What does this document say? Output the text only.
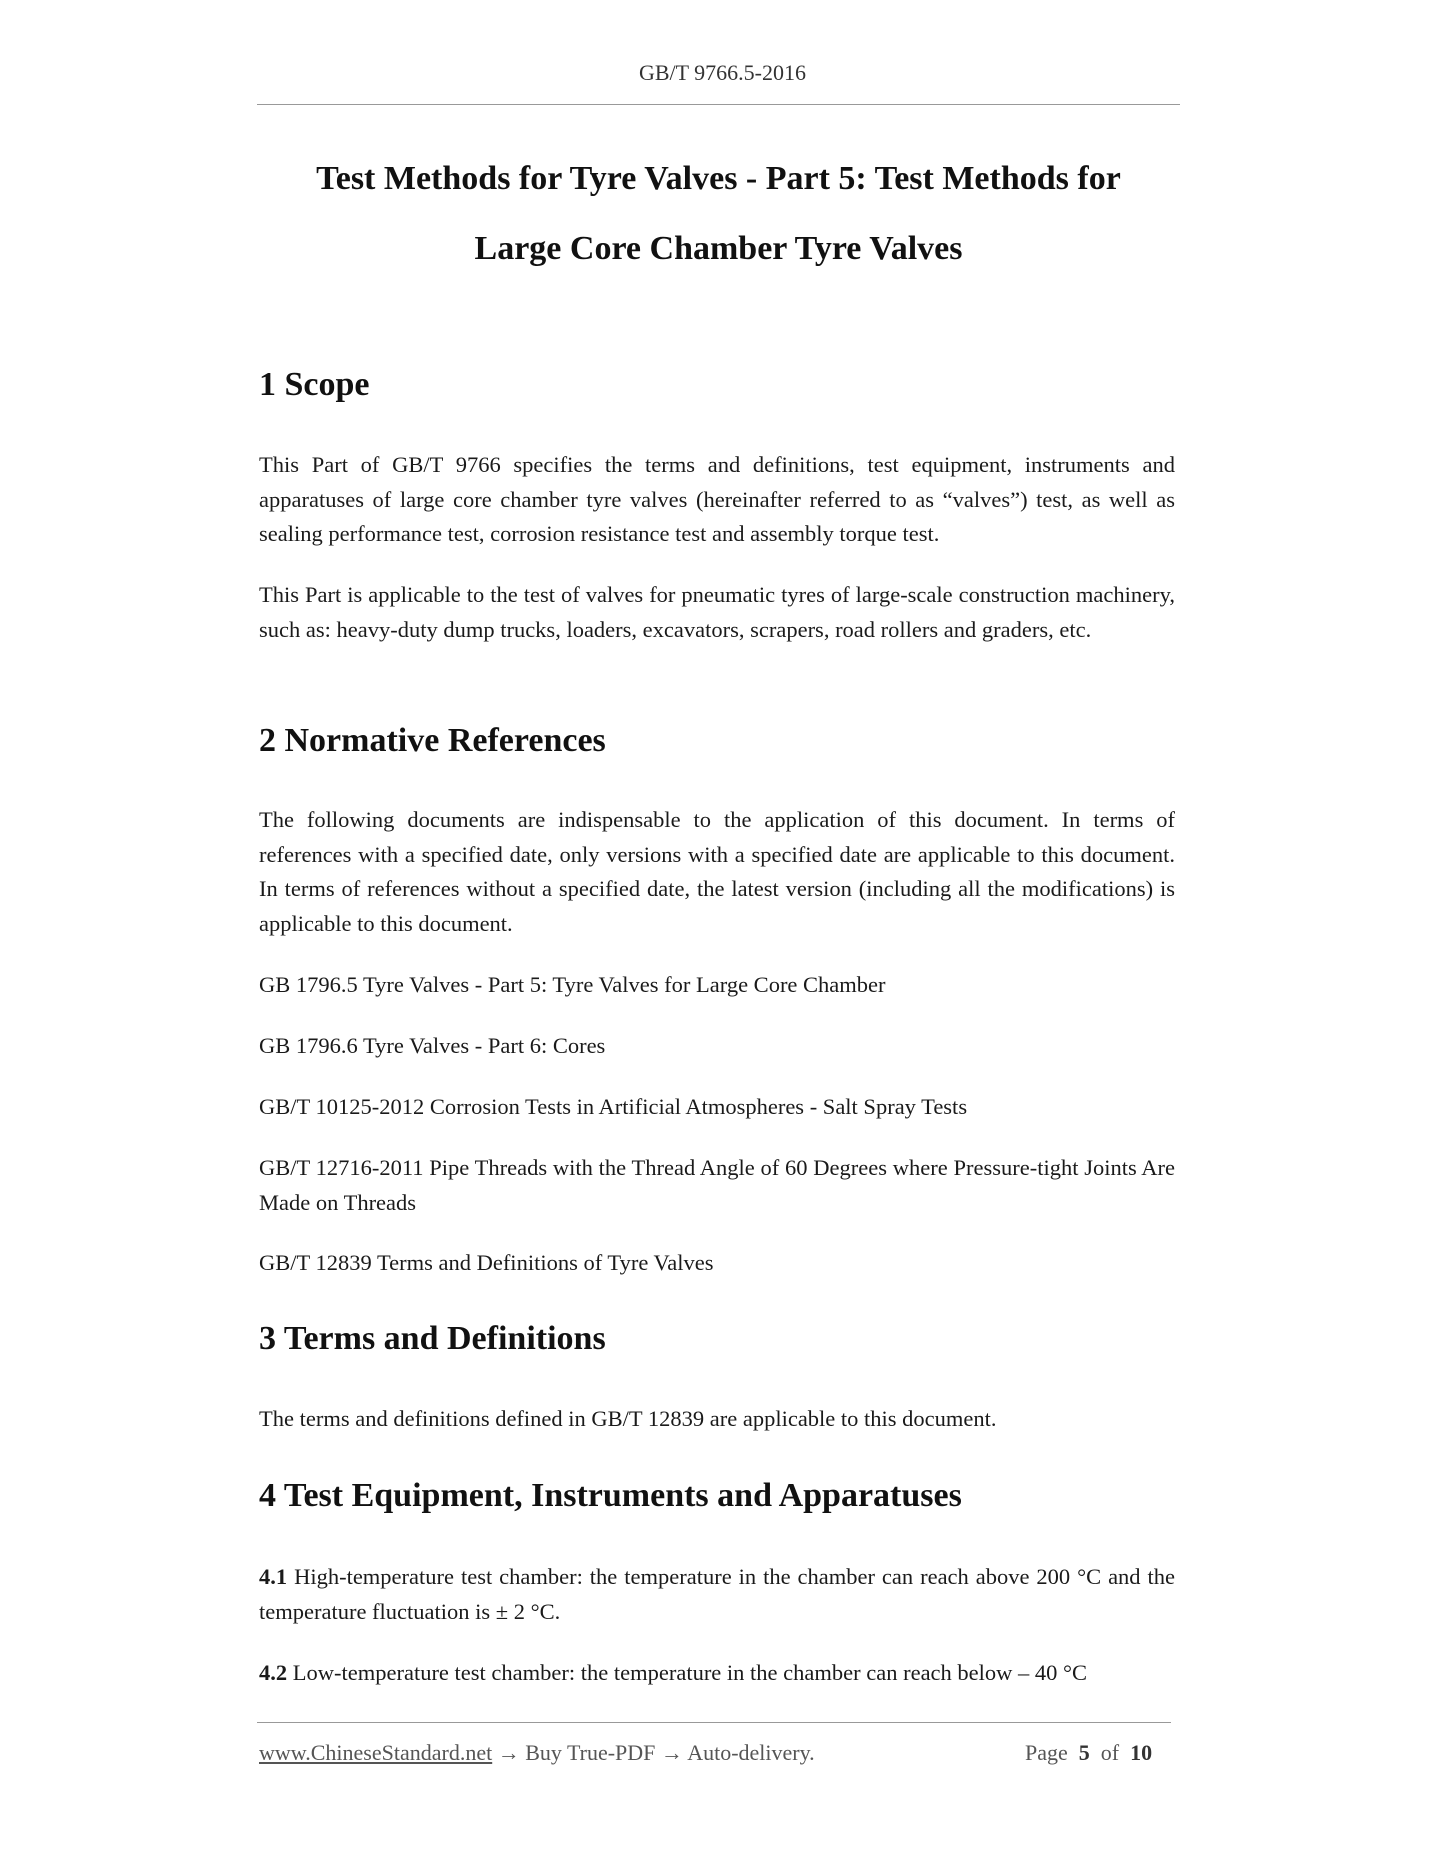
GB/T 9766.5-2016
Test Methods for Tyre Valves - Part 5: Test Methods for
Large Core Chamber Tyre Valves
1 Scope

This Part of GB/T 9766 specifies the terms and definitions, test equipment, instruments and apparatuses of large core chamber tyre valves (hereinafter referred to as “valves”) test, as well as sealing performance test, corrosion resistance test and assembly torque test.

This Part is applicable to the test of valves for pneumatic tyres of large-scale construction machinery, such as: heavy-duty dump trucks, loaders, excavators, scrapers, road rollers and graders, etc.

2 Normative References

The following documents are indispensable to the application of this document. In terms of references with a specified date, only versions with a specified date are applicable to this document. In terms of references without a specified date, the latest version (including all the modifications) is applicable to this document.

GB 1796.5 Tyre Valves - Part 5: Tyre Valves for Large Core Chamber

GB 1796.6 Tyre Valves - Part 6: Cores

GB/T 10125-2012 Corrosion Tests in Artificial Atmospheres - Salt Spray Tests

GB/T 12716-2011 Pipe Threads with the Thread Angle of 60 Degrees where Pressure-tight Joints Are Made on Threads

GB/T 12839 Terms and Definitions of Tyre Valves

3 Terms and Definitions

The terms and definitions defined in GB/T 12839 are applicable to this document.

4 Test Equipment, Instruments and Apparatuses

4.1 High-temperature test chamber: the temperature in the chamber can reach above 200 °C and the temperature fluctuation is ± 2 °C.

4.2 Low-temperature test chamber: the temperature in the chamber can reach below – 40 °C

www.ChineseStandard.net → Buy True-PDF → Auto-delivery.	Page 5 of 10
